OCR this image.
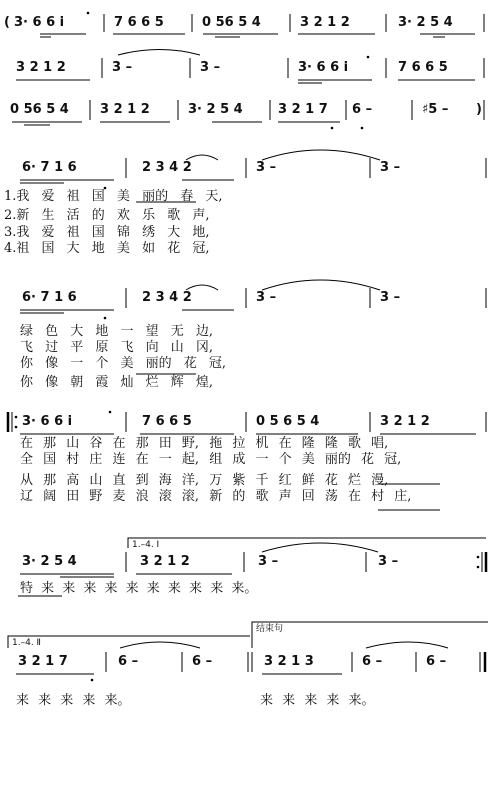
( 3· 6 6 i	7 6 6 5	0 56 5 4	3 2 1 2	3· 2 5 4
3 2 1 2	3 –	3 –	3· 6 6 i	7 6 6 5
0 56 5 4 3 2 1 2	3· 2 5 4	3 2 1 7 6 –	♯5 – )
6· 7 1 6	2 3 4 2	3 –	3 –
1.我 爱 祖 国 美 丽的 春 天,
2.新 生 活 的 欢 乐 歌 声,
3.我 爱 祖 国 锦 绣 大 地,
4.祖 国 大 地 美 如 花 冠,
6· 7 1 6	2 3 4 2	3 –	3 –
绿 色 大 地 一 望 无 边,
飞 过 平 原 飞 向 山 冈,
你 像 一 个 美 丽的 花 冠,
你 像 朝 霞 灿 烂 辉 煌,
3· 6 6 i	7 6 6 5	0 5 6 5 4	3 2 1 2
在 那 山 谷 在 那 田 野, 拖 拉 机 在 隆 隆 歌 唱,
全 国 村 庄 连 在 一 起, 组 成 一 个 美 丽的 花 冠,
从 那 高 山 直 到 海 洋, 万 紫 千 红 鲜 花 烂 漫,
辽 阔 田 野 麦 浪 滚 滚, 新 的 歌 声 回 荡 在 村 庄,
1.–4. Ⅰ
3· 2 5 4	3 2 1 2	3 –	3 –
特 来 来 来 来 来 来 来 来 来 来。
1.–4. Ⅱ
结束句
3 2 1 7	6 –	6 –	3 2 1 3	6 –	6 –
来 来 来 来 来。	来 来 来 来 来。
